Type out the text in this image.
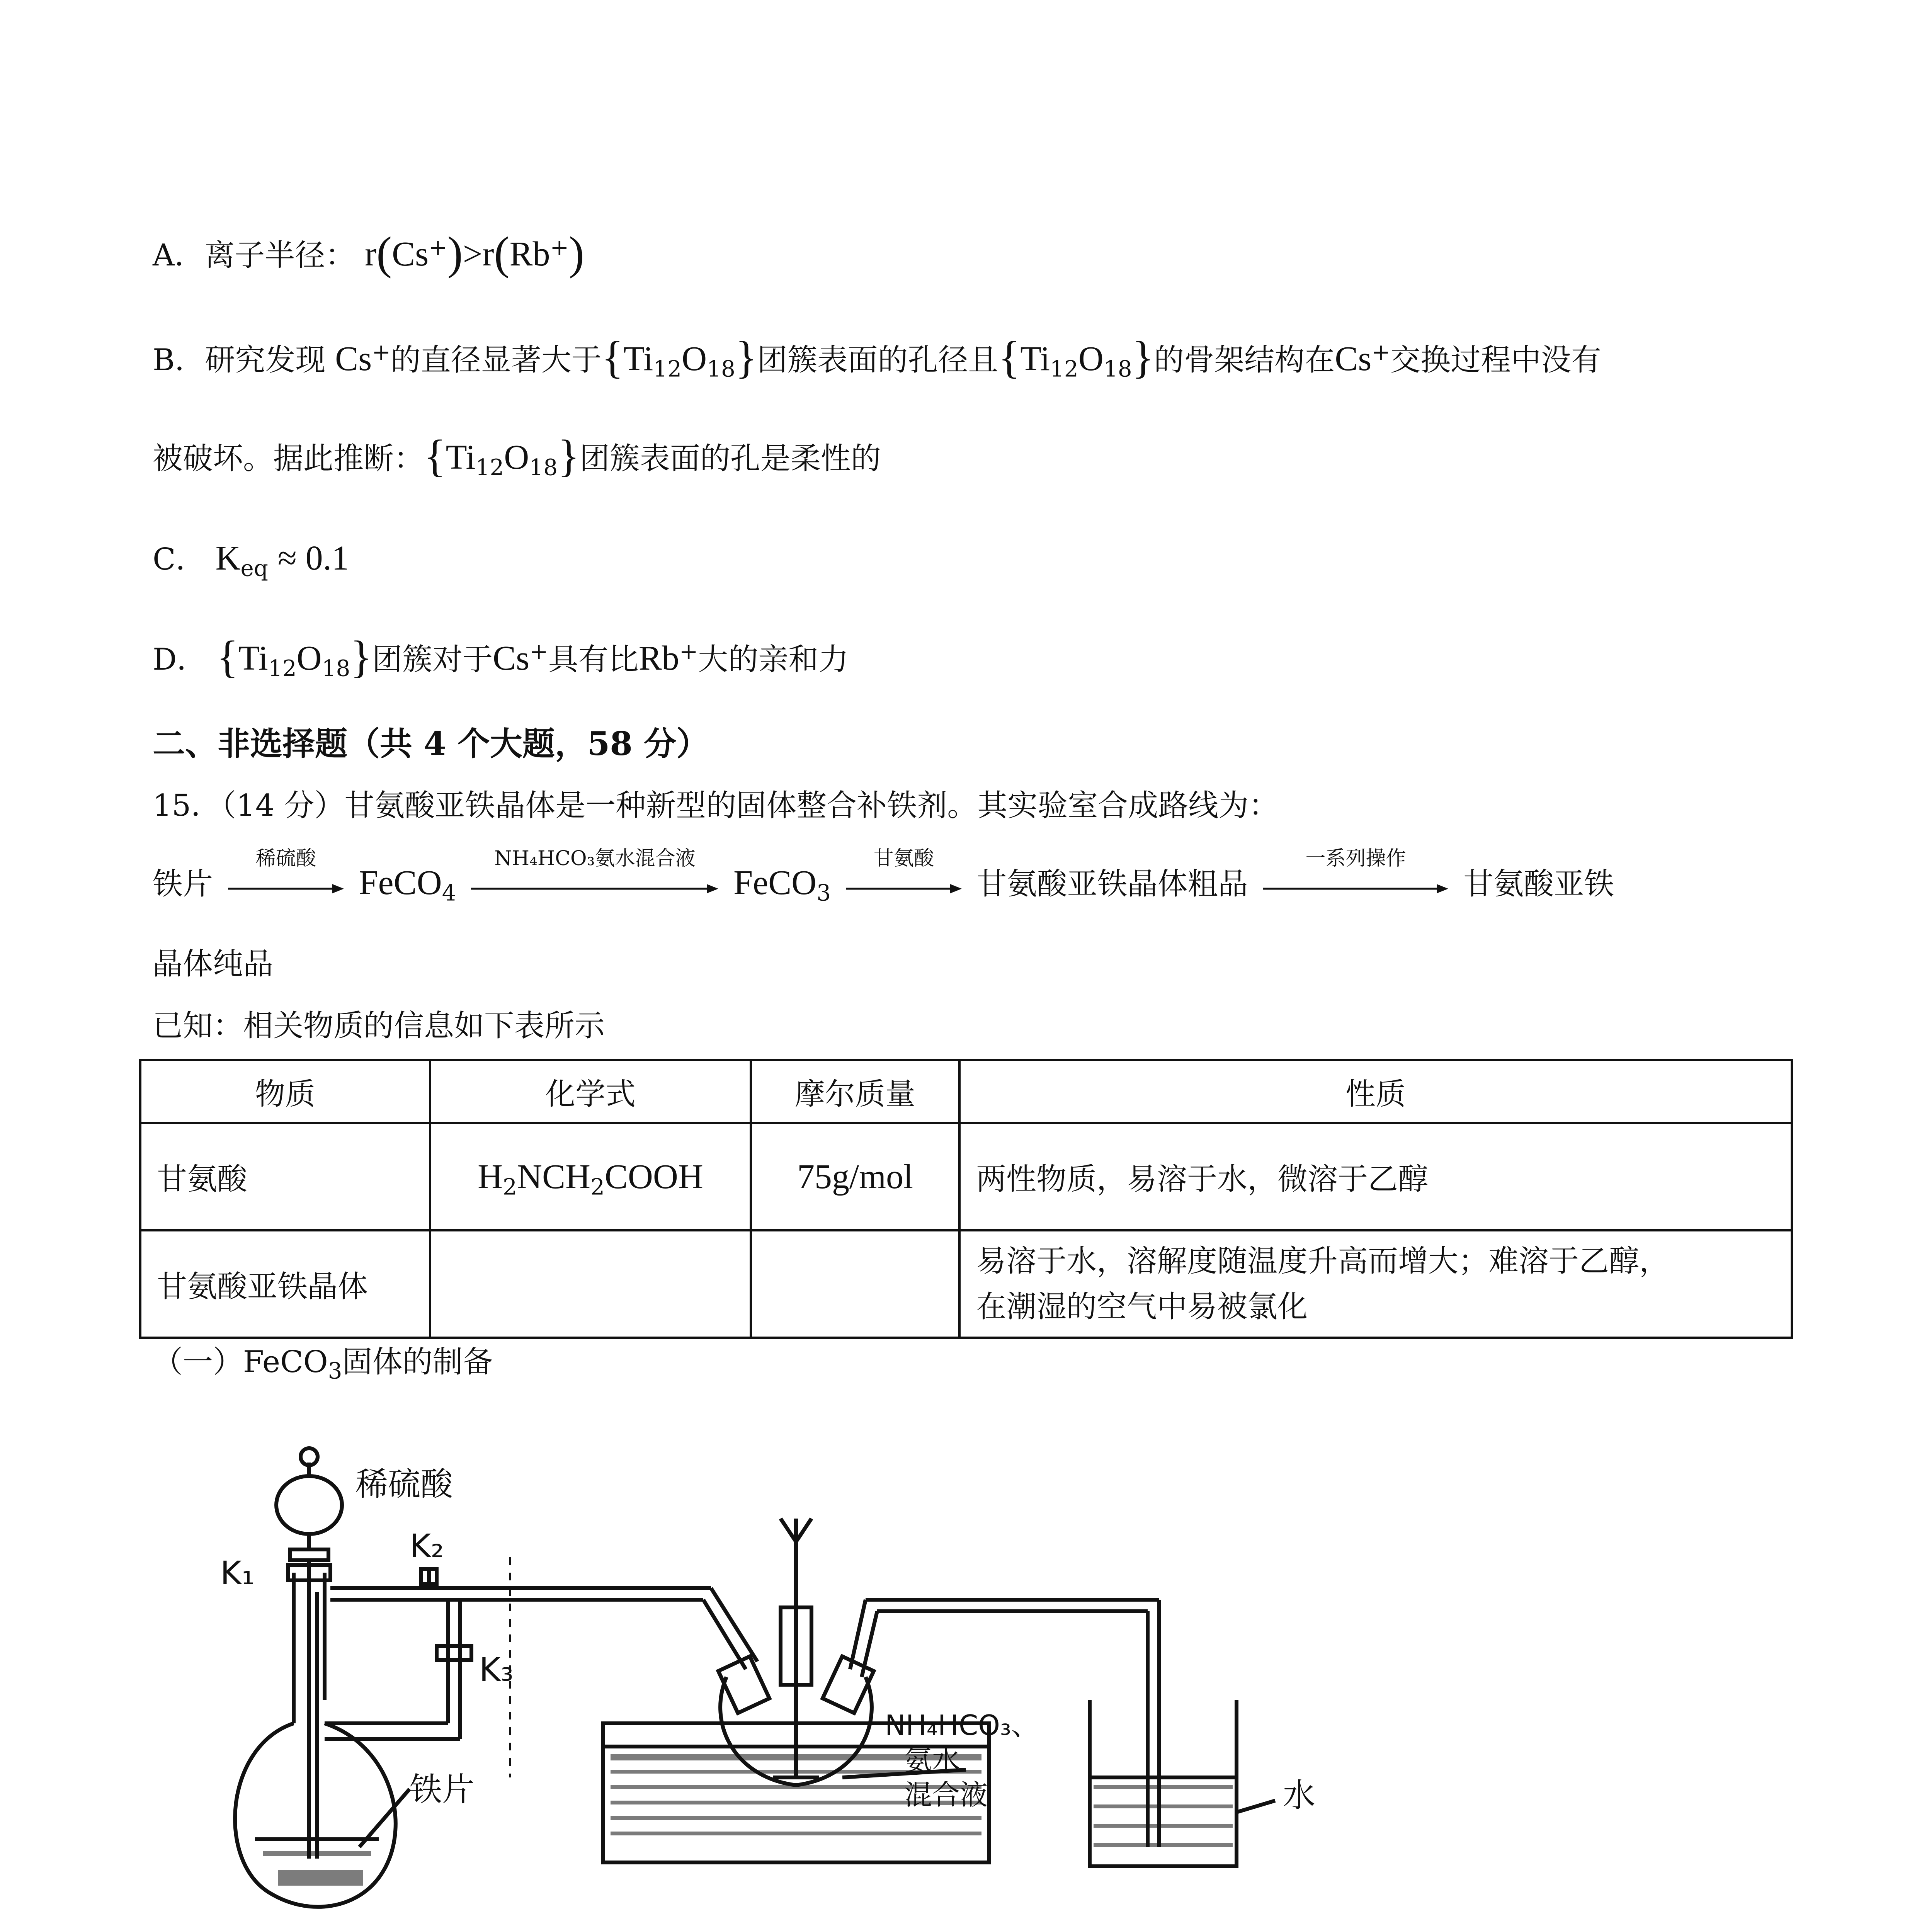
A．离子半径： r(Cs+)>r(Rb+)
B．研究发现 Cs+的直径显著大于$\{Ti_{12}O_{18}\}$团簇表面的孔径且$\{Ti_{12}O_{18}\}$的骨架结构在Cs+交换过程中没有
被破坏。据此推断：$\{Ti_{12}O_{18}\}$团簇表面的孔是柔性的
C． $K_{eq} \approx 0.1$
D． $\{Ti_{12}O_{18}\}$团簇对于Cs+具有比Rb+大的亲和力
二、非选择题（共 4 个大题，58 分）
15．（14 分）甘氨酸亚铁晶体是一种新型的固体整合补铁剂。其实验室合成路线为：
铁片
稀硫酸
FeCO$_4$
NH₄HCO₃氨水混合液
FeCO$_3$
甘氨酸
甘氨酸亚铁晶体粗品
一系列操作
甘氨酸亚铁
晶体纯品
已知：相关物质的信息如下表所示
物质	化学式	摩尔质量	性质
甘氨酸	$H_2NCH_2COOH$	75g/mol	两性物质，易溶于水，微溶于乙醇
甘氨酸亚铁晶体			易溶于水，溶解度随温度升高而增大；难溶于乙醇，
在潮湿的空气中易被氯化
（一）FeCO$_3$固体的制备
稀硫酸
K₁
K₂
K₃
铁片
NH₄HCO₃、
氨水
混合液	水
